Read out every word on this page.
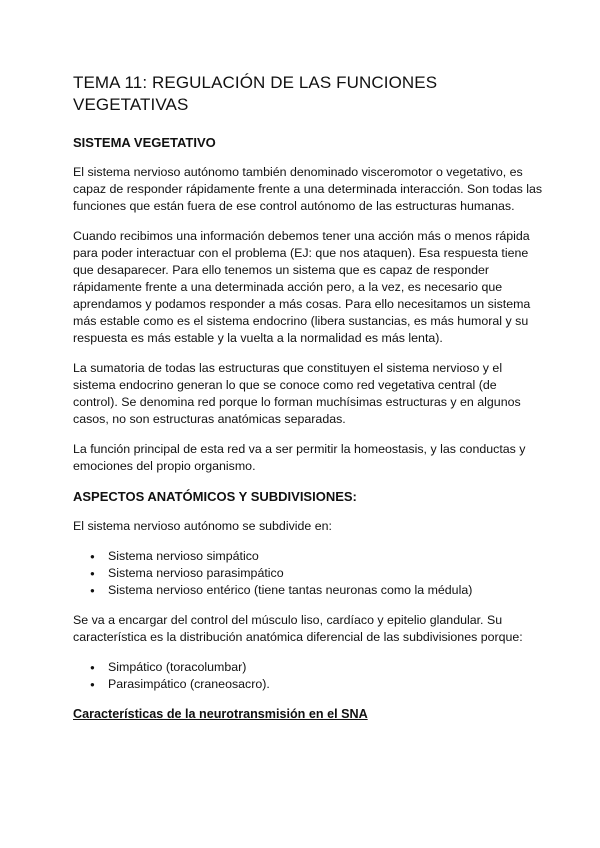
TEMA 11: REGULACIÓN DE LAS FUNCIONES VEGETATIVAS
SISTEMA VEGETATIVO

El sistema nervioso autónomo también denominado visceromotor o vegetativo, es capaz de responder rápidamente frente a una determinada interacción. Son todas las funciones que están fuera de ese control autónomo de las estructuras humanas.

Cuando recibimos una información debemos tener una acción más o menos rápida para poder interactuar con el problema (EJ: que nos ataquen). Esa respuesta tiene que desaparecer. Para ello tenemos un sistema que es capaz de responder rápidamente frente a una determinada acción pero, a la vez, es necesario que aprendamos y podamos responder a más cosas. Para ello necesitamos un sistema más estable como es el sistema endocrino (libera sustancias, es más humoral y su respuesta es más estable y la vuelta a la normalidad es más lenta).

La sumatoria de todas las estructuras que constituyen el sistema nervioso y el sistema endocrino generan lo que se conoce como red vegetativa central (de control). Se denomina red porque lo forman muchísimas estructuras y en algunos casos, no son estructuras anatómicas separadas.

La función principal de esta red va a ser permitir la homeostasis, y las conductas y emociones del propio organismo.

ASPECTOS ANATÓMICOS Y SUBDIVISIONES:

El sistema nervioso autónomo se subdivide en:

● Sistema nervioso simpático
● Sistema nervioso parasimpático
● Sistema nervioso entérico (tiene tantas neuronas como la médula)

Se va a encargar del control del músculo liso, cardíaco y epitelio glandular. Su característica es la distribución anatómica diferencial de las subdivisiones porque:

● Simpático (toracolumbar)
● Parasimpático (craneosacro).

Características de la neurotransmisión en el SNA
